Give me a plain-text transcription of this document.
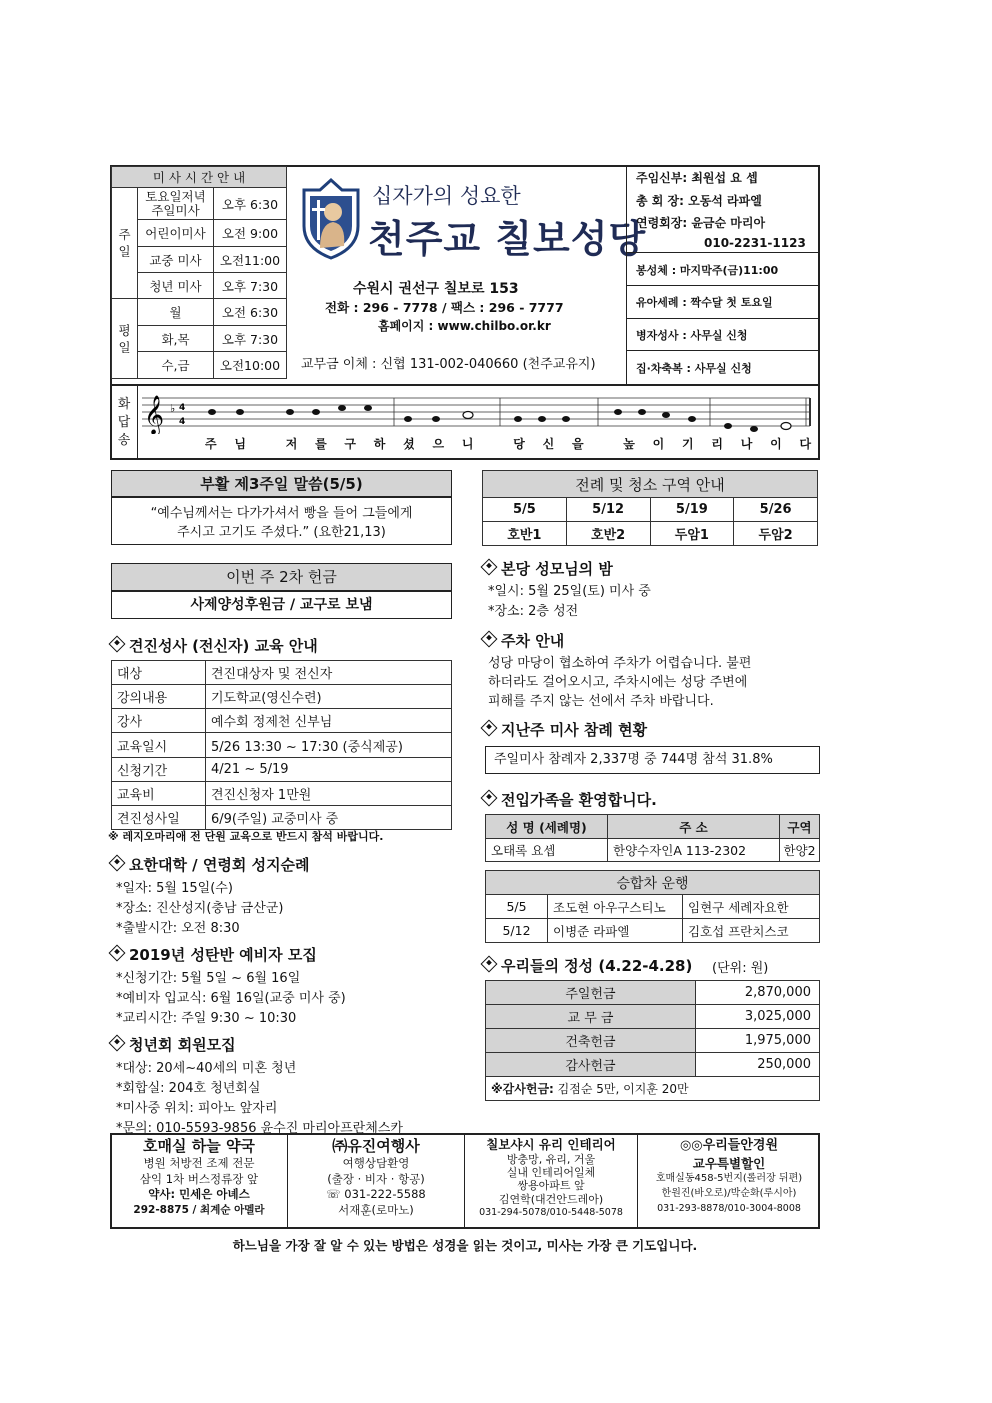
미 사 시 간 안 내		
주
일	토요일저녁 주일미사	오후 6:30
	어린이미사	오전 9:00
	교중 미사	오전11:00
	청년 미사	오후 7:30
평
일	월	오전 6:30
	화,목	오후 7:30
	수,금	오전10:00
십자가의 성요한
천주교 칠보성당
수원시 권선구 칠보로 153
전화 : 296 - 7778 / 팩스 : 296 - 7777
홈페이지 : www.chilbo.or.kr
교무금 이체 : 신협 131-002-040660 (천주교유지)
주임신부: 최원섭 요 셉
총 회 장: 오동석 라파엘
연령회장: 윤금순 마리아
010-2231-1123
봉성체 : 마지막주(금)11:00
유아세례 : 짝수달 첫 토요일
병자성사 : 사무실 신청
집·차축복 : 사무실 신청
화
답
송
𝄞 ♭ 4
4
주 님   저 를 구 하 셨 으 니   당 신 을   높 이 기 리 나 이 다
부활 제3주일 말씀(5/5)
“예수님께서는 다가가셔서 빵을 들어 그들에게
주시고 고기도 주셨다.” (요한21,13)
이번 주 2차 헌금
사제양성후원금 / 교구로 보냄
견진성사 (전신자) 교육 안내
대상	견진대상자 및 전신자
강의내용	기도학교(영신수련)
강사	예수회 정제천 신부님
교육일시	5/26 13:30 ~ 17:30 (중식제공)
신청기간	4/21 ~ 5/19
교육비	견진신청자 1만원
견진성사일	6/9(주일) 교중미사 중
※ 레지오마리애 전 단원 교육으로 반드시 참석 바랍니다.
요한대학 / 연령회 성지순례
*일자: 5월 15일(수)
*장소: 진산성지(충남 금산군)
*출발시간: 오전 8:30
2019년 성탄반 예비자 모집
*신청기간: 5월 5일 ~ 6월 16일
*예비자 입교식: 6월 16일(교중 미사 중)
*교리시간: 주일 9:30 ~ 10:30
청년회 회원모집
*대상: 20세~40세의 미혼 청년
*회합실: 204호 청년회실
*미사중 위치: 피아노 앞자리
*문의: 010-5593-9856 윤수진 마리아프란체스카
전례 및 청소 구역 안내			
5/5	5/12	5/19	5/26
호반1	호반2	두암1	두암2
본당 성모님의 밤
*일시: 5월 25일(토) 미사 중
*장소: 2층 성전
주차 안내
성당 마당이 협소하여 주차가 어렵습니다. 불편
하더라도 걸어오시고, 주차시에는 성당 주변에
피해를 주지 않는 선에서 주차 바랍니다.
지난주 미사 참례 현황
주일미사 참례자 2,337명 중 744명 참석 31.8%
전입가족을 환영합니다.
성 명 (세례명)	주 소	구역
오태록 요셉	한양수자인A 113-2302	한양2
승합차 운행		
5/5	조도현 아우구스티노	임현구 세례자요한
5/12	이병준 라파엘	김호섭 프란치스코
우리들의 정성 (4.22-4.28) (단위: 원)
주일헌금	2,870,000
교 무 금	3,025,000
건축헌금	1,975,000
감사헌금	250,000
※감사헌금: 김점순 5만, 이지훈 20만	
호매실 하늘 약국
병원 처방전 조제 전문
삼익 1차 버스정류장 앞
약사: 민세은 아녜스
292-8875 / 최계순 아멜라
㈜유진여행사
여행상담환영
(출장 · 비자 · 항공)
☏ 031-222-5588
서재훈(로마노)
칠보샤시 유리 인테리어
방충망, 유리, 거울
실내 인테리어일체
쌍용아파트 앞
김연학(대건안드레아)
031-294-5078/010-5448-5078
◎◎우리들안경원
교우특별할인
호매실동458-5번지(롤러장 뒤편)
한원진(바오로)/박순화(루시아)
031-293-8878/010-3004-8008
하느님을 가장 잘 알 수 있는 방법은 성경을 읽는 것이고, 미사는 가장 큰 기도입니다.
